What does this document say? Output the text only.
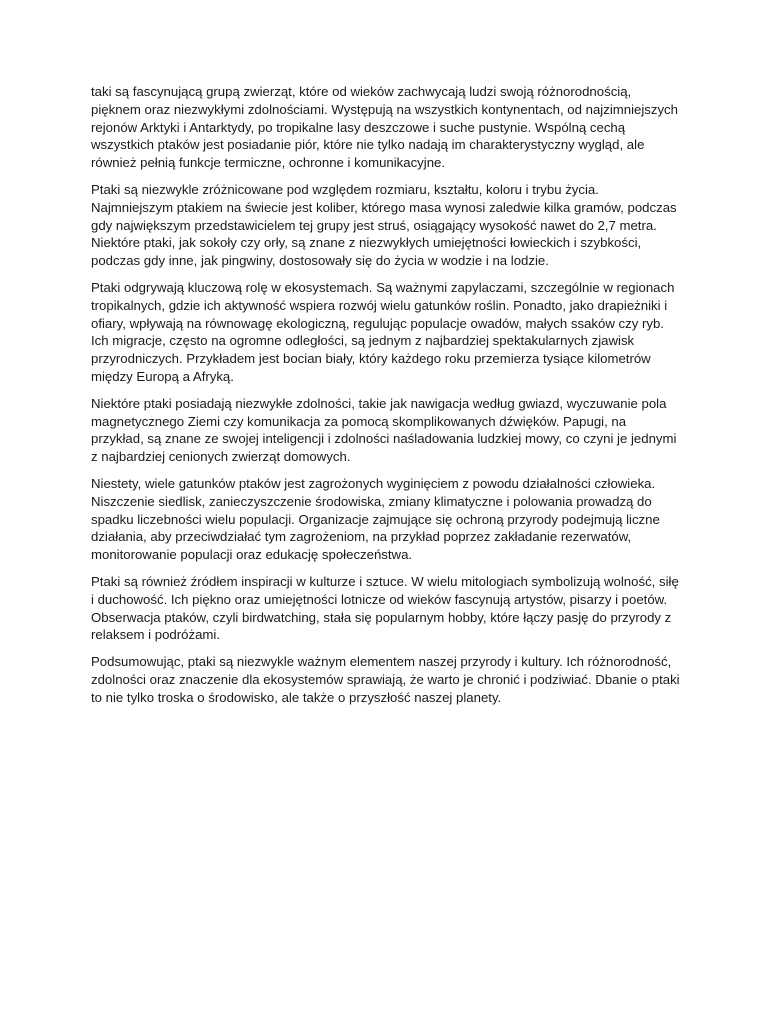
taki są fascynującą grupą zwierząt, które od wieków zachwycają ludzi swoją różnorodnością, pięknem oraz niezwykłymi zdolnościami. Występują na wszystkich kontynentach, od najzimniejszych rejonów Arktyki i Antarktydy, po tropikalne lasy deszczowe i suche pustynie. Wspólną cechą wszystkich ptaków jest posiadanie piór, które nie tylko nadają im charakterystyczny wygląd, ale również pełnią funkcje termiczne, ochronne i komunikacyjne.

Ptaki są niezwykle zróżnicowane pod względem rozmiaru, kształtu, koloru i trybu życia. Najmniejszym ptakiem na świecie jest koliber, którego masa wynosi zaledwie kilka gramów, podczas gdy największym przedstawicielem tej grupy jest struś, osiągający wysokość nawet do 2,7 metra. Niektóre ptaki, jak sokoły czy orły, są znane z niezwykłych umiejętności łowieckich i szybkości, podczas gdy inne, jak pingwiny, dostosowały się do życia w wodzie i na lodzie.

Ptaki odgrywają kluczową rolę w ekosystemach. Są ważnymi zapylaczami, szczególnie w regionach tropikalnych, gdzie ich aktywność wspiera rozwój wielu gatunków roślin. Ponadto, jako drapieżniki i ofiary, wpływają na równowagę ekologiczną, regulując populacje owadów, małych ssaków czy ryb. Ich migracje, często na ogromne odległości, są jednym z najbardziej spektakularnych zjawisk przyrodniczych. Przykładem jest bocian biały, który każdego roku przemierza tysiące kilometrów między Europą a Afryką.

Niektóre ptaki posiadają niezwykłe zdolności, takie jak nawigacja według gwiazd, wyczuwanie pola magnetycznego Ziemi czy komunikacja za pomocą skomplikowanych dźwięków. Papugi, na przykład, są znane ze swojej inteligencji i zdolności naśladowania ludzkiej mowy, co czyni je jednymi z najbardziej cenionych zwierząt domowych.

Niestety, wiele gatunków ptaków jest zagrożonych wyginięciem z powodu działalności człowieka. Niszczenie siedlisk, zanieczyszczenie środowiska, zmiany klimatyczne i polowania prowadzą do spadku liczebności wielu populacji. Organizacje zajmujące się ochroną przyrody podejmują liczne działania, aby przeciwdziałać tym zagrożeniom, na przykład poprzez zakładanie rezerwatów, monitorowanie populacji oraz edukację społeczeństwa.

Ptaki są również źródłem inspiracji w kulturze i sztuce. W wielu mitologiach symbolizują wolność, siłę i duchowość. Ich piękno oraz umiejętności lotnicze od wieków fascynują artystów, pisarzy i poetów. Obserwacja ptaków, czyli birdwatching, stała się popularnym hobby, które łączy pasję do przyrody z relaksem i podróżami.

Podsumowując, ptaki są niezwykle ważnym elementem naszej przyrody i kultury. Ich różnorodność, zdolności oraz znaczenie dla ekosystemów sprawiają, że warto je chronić i podziwiać. Dbanie o ptaki to nie tylko troska o środowisko, ale także o przyszłość naszej planety.
